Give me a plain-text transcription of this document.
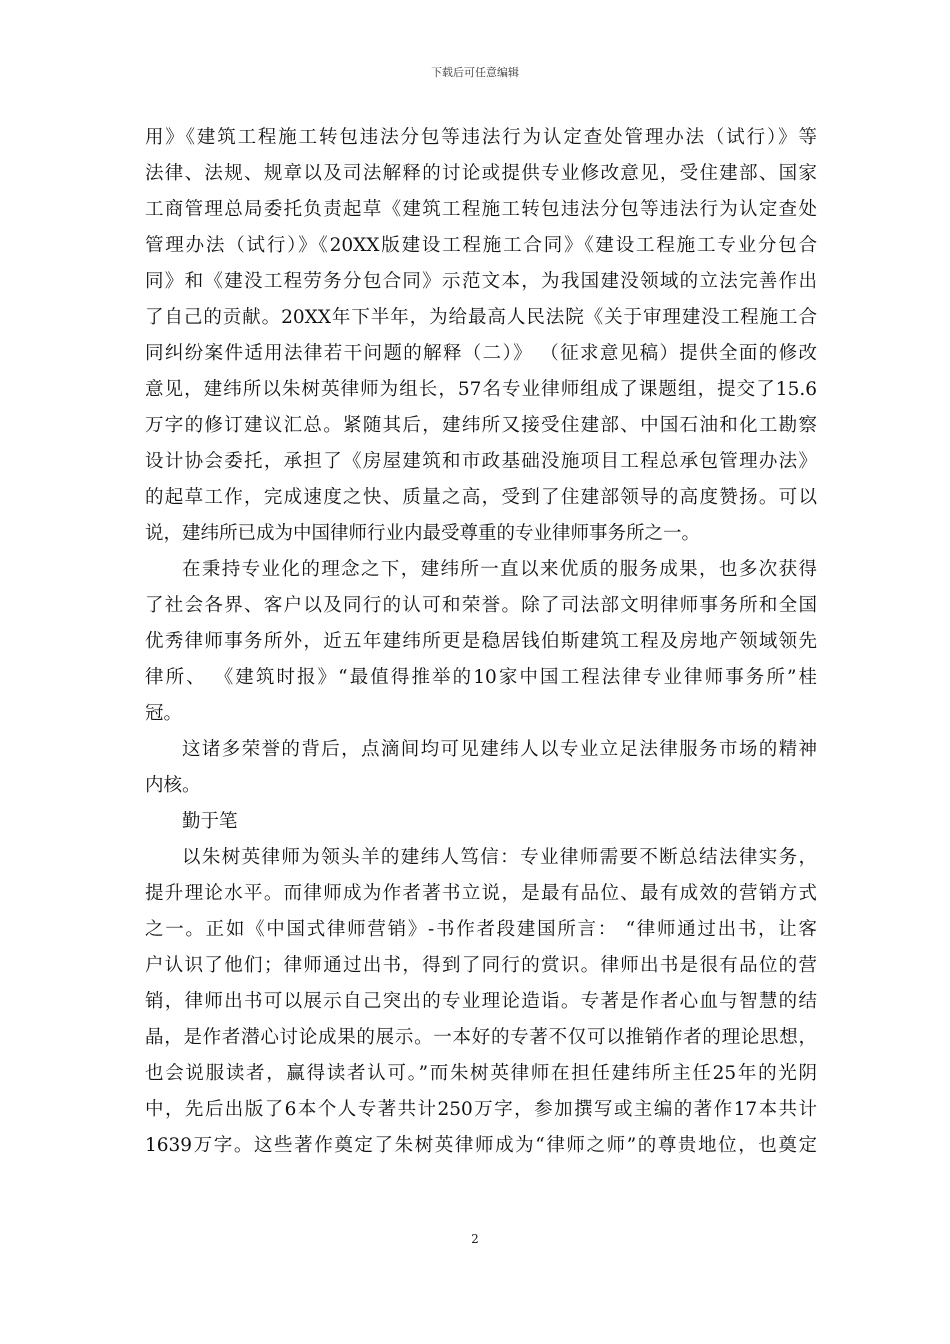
下载后可任意编辑
用》《建筑工程施工转包违法分包等违法行为认定查处管理办法（试行）》等
法律、法规、规章以及司法解释的讨论或提供专业修改意见，受住建部、国家
工商管理总局委托负责起草《建筑工程施工转包违法分包等违法行为认定查处
管理办法（试行）》《20XX版建设工程施工合同》《建设工程施工专业分包合
同》和《建没工程劳务分包合同》示范文本，为我国建没领域的立法完善作出
了自己的贡献。20XX年下半年，为给最高人民法院《关于审理建没工程施工合
同纠纷案件适用法律若干问题的解释（二）》 （征求意见稿）提供全面的修改
意见，建纬所以朱树英律师为组长，57名专业律师组成了课题组，提交了15.6
万字的修订建议汇总。紧随其后，建纬所又接受住建部、中国石油和化工勘察
设计协会委托，承担了《房屋建筑和市政基础没施项目工程总承包管理办法》
的起草工作，完成速度之快、质量之高，受到了住建部领导的高度赞扬。可以
说，建纬所已成为中国律师行业内最受尊重的专业律师事务所之一。
在秉持专业化的理念之下，建纬所一直以来优质的服务成果，也多次获得
了社会各界、客户以及同行的认可和荣誉。除了司法部文明律师事务所和全国
优秀律师事务所外，近五年建纬所更是稳居钱伯斯建筑工程及房地产领域领先
律所、 《建筑时报》“最值得推举的10家中国工程法律专业律师事务所”桂
冠。
这诸多荣誉的背后，点滴间均可见建纬人以专业立足法律服务市场的精神
内核。
勤于笔
以朱树英律师为领头羊的建纬人笃信：专业律师需要不断总结法律实务，
提升理论水平。而律师成为作者著书立说，是最有品位、最有成效的营销方式
之一。正如《中国式律师营销》-书作者段建国所言： “律师通过出书，让客
户认识了他们；律师通过出书，得到了同行的赏识。律师出书是很有品位的营
销，律师出书可以展示自己突出的专业理论造诣。专著是作者心血与智慧的结
晶，是作者潜心讨论成果的展示。一本好的专著不仅可以推销作者的理论思想，
也会说服读者，赢得读者认可。”而朱树英律师在担任建纬所主任25年的光阴
中，先后出版了6本个人专著共计250万字，参加撰写或主编的著作17本共计
1639万字。这些著作奠定了朱树英律师成为“律师之师”的尊贵地位，也奠定
2
